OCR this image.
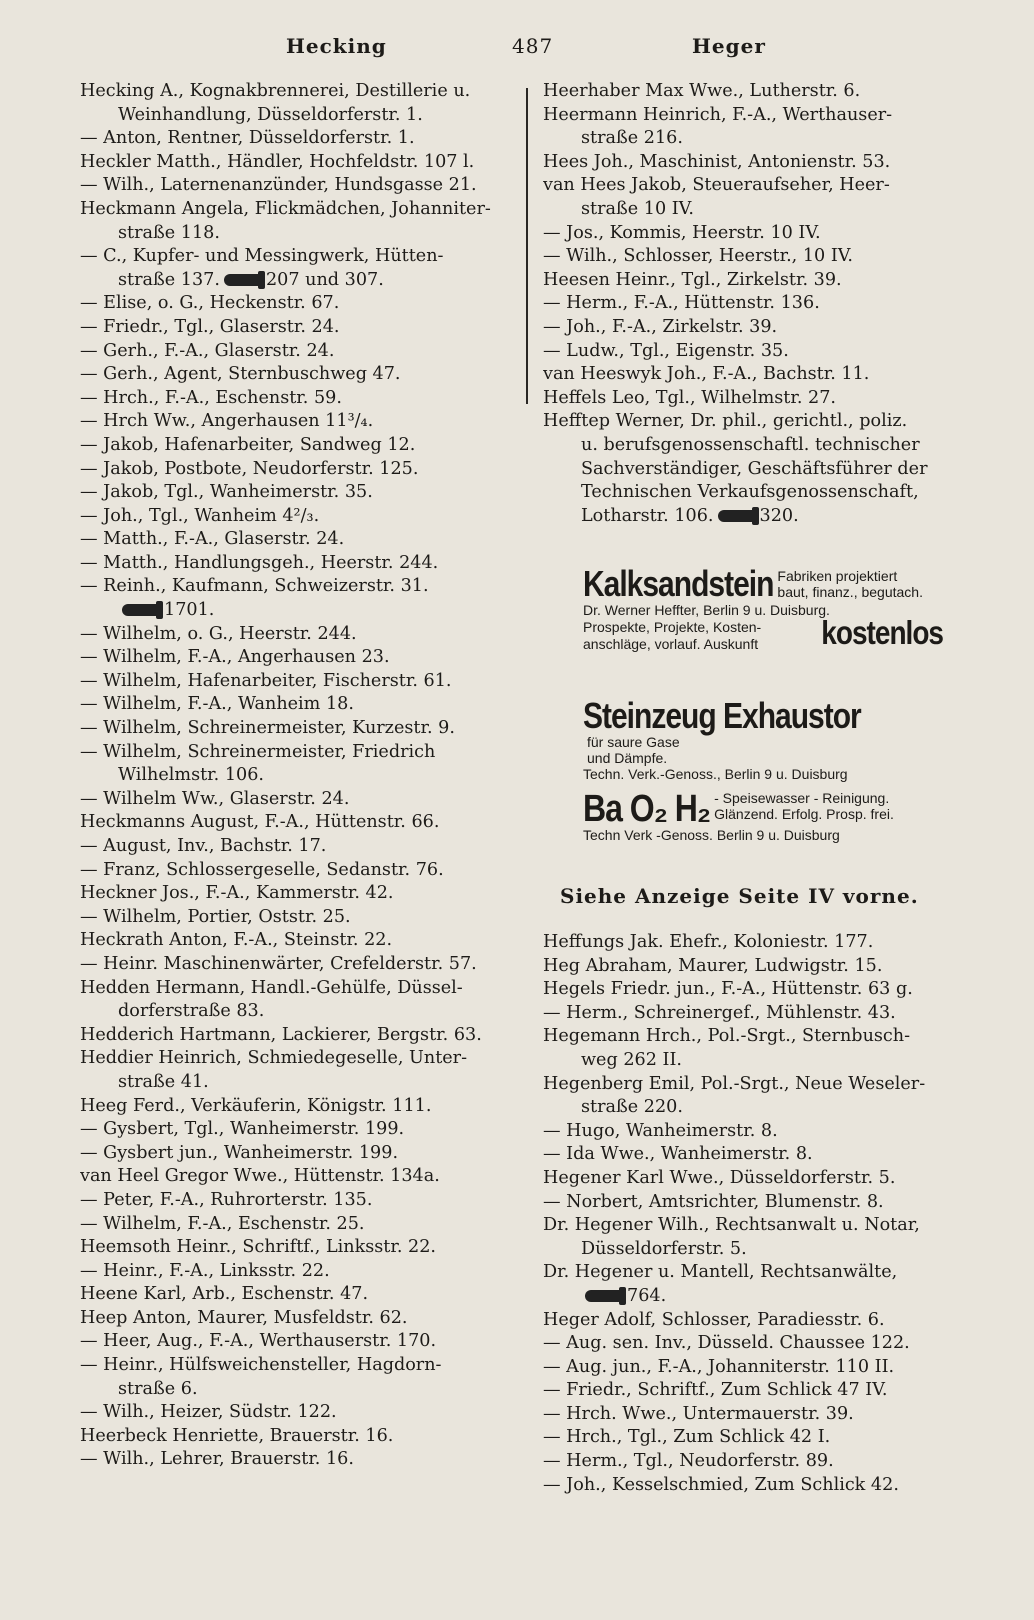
Hecking	487	Heger
Hecking A., Kognakbrennerei, Destillerie u.
Weinhandlung, Düsseldorferstr. 1.
— Anton, Rentner, Düsseldorferstr. 1.
Heckler Matth., Händler, Hochfeldstr. 107 l.
— Wilh., Laternenanzünder, Hundsgasse 21.
Heckmann Angela, Flickmädchen, Johanniter-
straße 118.
— C., Kupfer- und Messingwerk, Hütten-
straße 137.	207 und 307.
— Elise, o. G., Heckenstr. 67.
— Friedr., Tgl., Glaserstr. 24.
— Gerh., F.-A., Glaserstr. 24.
— Gerh., Agent, Sternbuschweg 47.
— Hrch., F.-A., Eschenstr. 59.
— Hrch Ww., Angerhausen 11³/₄.
— Jakob, Hafenarbeiter, Sandweg 12.
— Jakob, Postbote, Neudorferstr. 125.
— Jakob, Tgl., Wanheimerstr. 35.
— Joh., Tgl., Wanheim 4²/₃.
— Matth., F.-A., Glaserstr. 24.
— Matth., Handlungsgeh., Heerstr. 244.
— Reinh., Kaufmann, Schweizerstr. 31.
1701.
— Wilhelm, o. G., Heerstr. 244.
— Wilhelm, F.-A., Angerhausen 23.
— Wilhelm, Hafenarbeiter, Fischerstr. 61.
— Wilhelm, F.-A., Wanheim 18.
— Wilhelm, Schreinermeister, Kurzestr. 9.
— Wilhelm, Schreinermeister, Friedrich
Wilhelmstr. 106.
— Wilhelm Ww., Glaserstr. 24.
Heckmanns August, F.-A., Hüttenstr. 66.
— August, Inv., Bachstr. 17.
— Franz, Schlossergeselle, Sedanstr. 76.
Heckner Jos., F.-A., Kammerstr. 42.
— Wilhelm, Portier, Oststr. 25.
Heckrath Anton, F.-A., Steinstr. 22.
— Heinr. Maschinenwärter, Crefelderstr. 57.
Hedden Hermann, Handl.-Gehülfe, Düssel-
dorferstraße 83.
Hedderich Hartmann, Lackierer, Bergstr. 63.
Heddier Heinrich, Schmiedegeselle, Unter-
straße 41.
Heeg Ferd., Verkäuferin, Königstr. 111.
— Gysbert, Tgl., Wanheimerstr. 199.
— Gysbert jun., Wanheimerstr. 199.
van Heel Gregor Wwe., Hüttenstr. 134a.
— Peter, F.-A., Ruhrorterstr. 135.
— Wilhelm, F.-A., Eschenstr. 25.
Heemsoth Heinr., Schriftf., Linksstr. 22.
— Heinr., F.-A., Linksstr. 22.
Heene Karl, Arb., Eschenstr. 47.
Heep Anton, Maurer, Musfeldstr. 62.
— Heer, Aug., F.-A., Werthauserstr. 170.
— Heinr., Hülfsweichensteller, Hagdorn-
straße 6.
— Wilh., Heizer, Südstr. 122.
Heerbeck Henriette, Brauerstr. 16.
— Wilh., Lehrer, Brauerstr. 16.
Heerhaber Max Wwe., Lutherstr. 6.
Heermann Heinrich, F.-A., Werthauser-
straße 216.
Hees Joh., Maschinist, Antonienstr. 53.
van Hees Jakob, Steueraufseher, Heer-
straße 10 IV.
— Jos., Kommis, Heerstr. 10 IV.
— Wilh., Schlosser, Heerstr., 10 IV.
Heesen Heinr., Tgl., Zirkelstr. 39.
— Herm., F.-A., Hüttenstr. 136.
— Joh., F.-A., Zirkelstr. 39.
— Ludw., Tgl., Eigenstr. 35.
van Heeswyk Joh., F.-A., Bachstr. 11.
Heffels Leo, Tgl., Wilhelmstr. 27.
Hefftер Werner, Dr. phil., gerichtl., poliz.
u. berufsgenossenschaftl. technischer
Sachverständiger, Geschäftsführer der
Technischen Verkaufsgenossenschaft,
Lotharstr. 106.	320.
Kalksandstein Fabriken projektiert
baut, finanz., begutach.
Dr. Werner Heffter, Berlin 9 u. Duisburg.
Prospekte, Projekte, Kosten-
anschläge, vorlauf. Auskunft kostenlos
Steinzeug Exhaustorfür saure Gase
und Dämpfe.
Techn. Verk.-Genoss., Berlin 9 u. Duisburg
Ba O₂ H₂ - Speisewasser - Reinigung.
Glänzend. Erfolg. Prosp. frei.
Techn Verk -Genoss. Berlin 9 u. Duisburg
Siehe Anzeige Seite IV vorne.
Heffungs Jak. Ehefr., Koloniestr. 177.
Heg Abraham, Maurer, Ludwigstr. 15.
Hegels Friedr. jun., F.-A., Hüttenstr. 63 g.
— Herm., Schreinergef., Mühlenstr. 43.
Hegemann Hrch., Pol.-Srgt., Sternbusch-
weg 262 II.
Hegenberg Emil, Pol.-Srgt., Neue Weseler-
straße 220.
— Hugo, Wanheimerstr. 8.
— Ida Wwe., Wanheimerstr. 8.
Hegener Karl Wwe., Düsseldorferstr. 5.
— Norbert, Amtsrichter, Blumenstr. 8.
Dr. Hegener Wilh., Rechtsanwalt u. Notar,
Düsseldorferstr. 5.
Dr. Hegener u. Mantell, Rechtsanwälte,
764.
Heger Adolf, Schlosser, Paradiesstr. 6.
— Aug. sen. Inv., Düsseld. Chaussee 122.
— Aug. jun., F.-A., Johanniterstr. 110 II.
— Friedr., Schriftf., Zum Schlick 47 IV.
— Hrch. Wwe., Untermauerstr. 39.
— Hrch., Tgl., Zum Schlick 42 I.
— Herm., Tgl., Neudorferstr. 89.
— Joh., Kesselschmied, Zum Schlick 42.
